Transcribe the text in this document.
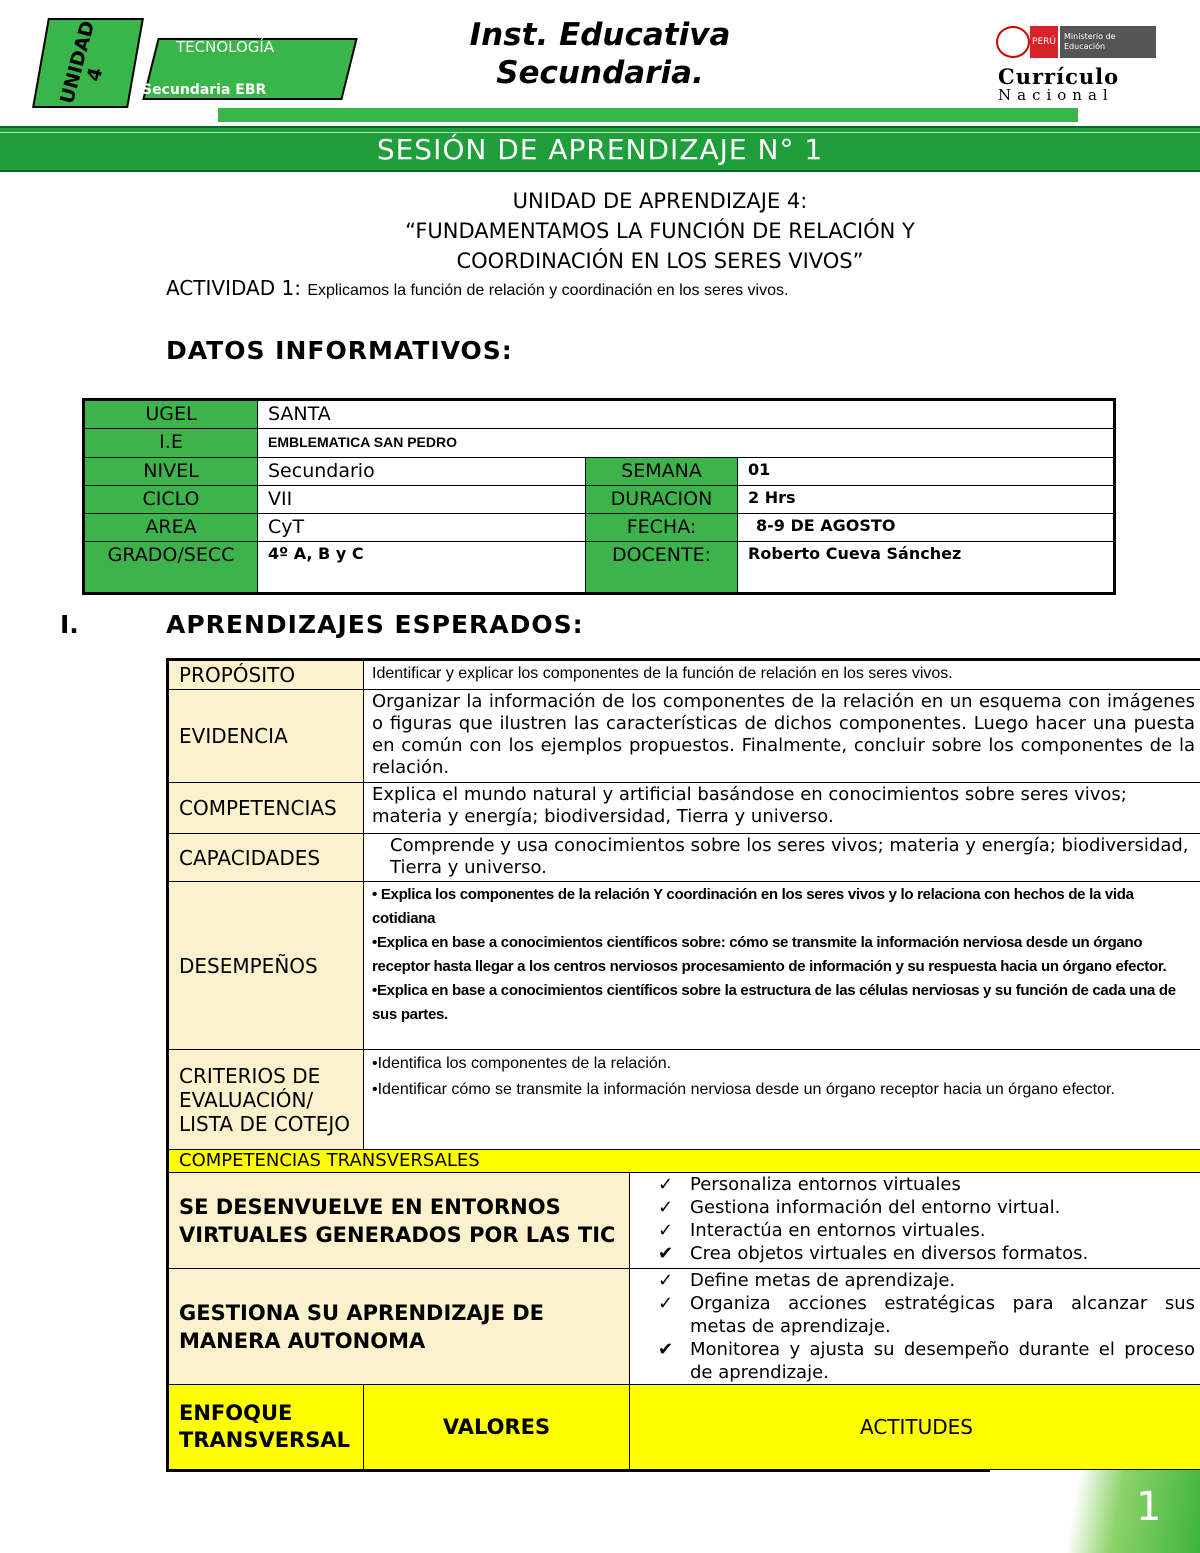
UNIDAD 4
ÁREA CIENCIA Y TECNOLOGÍA
Secundaria EBR
Inst. Educativa
Secundaria.
PERÚ
Ministerio de Educación
Currículo
Nacional
SESIÓN DE APRENDIZAJE N° 1
UNIDAD DE APRENDIZAJE 4:
“FUNDAMENTAMOS LA FUNCIÓN DE RELACIÓN Y
COORDINACIÓN EN LOS SERES VIVOS”
ACTIVIDAD 1: Explicamos la función de relación y coordinación en los seres vivos.
DATOS INFORMATIVOS:
UGEL	SANTA		
I.E	EMBLEMATICA SAN PEDRO		
NIVEL	Secundario	SEMANA	01
CICLO	VII	DURACION	2 Hrs
AREA	CyT	FECHA:	8-9 DE AGOSTO
GRADO/SECC	4º A, B y C	DOCENTE:	Roberto Cueva Sánchez
I.	APRENDIZAJES ESPERADOS:
PROPÓSITO	Identificar y explicar los componentes de la función de relación en los seres vivos.	
EVIDENCIA	Organizar la información de los componentes de la relación en un esquema con imágenes o figuras que ilustren las características de dichos componentes. Luego hacer una puesta en común con los ejemplos propuestos. Finalmente, concluir sobre los componentes de la relación.	
COMPETENCIAS	Explica el mundo natural y artificial basándose en conocimientos sobre seres vivos; materia y energía; biodiversidad, Tierra y universo.	
CAPACIDADES	Comprende y usa conocimientos sobre los seres vivos; materia y energía; biodiversidad, Tierra y universo.	
DESEMPEÑOS	• Explica los componentes de la relación Y coordinación en los seres vivos y lo relaciona con hechos de la vida cotidiana
•Explica en base a conocimientos científicos sobre: cómo se transmite la información nerviosa desde un órgano receptor hasta llegar a los centros nerviosos procesamiento de información y su respuesta hacia un órgano efector.
•Explica en base a conocimientos científicos sobre la estructura de las células nerviosas y su función de cada una de sus partes.	

CRITERIOS DE EVALUACIÓN/ LISTA DE COTEJO	•Identifica los componentes de la relación.
•Identificar cómo se transmite la información nerviosa desde un órgano receptor hacia un órgano efector.	

COMPETENCIAS TRANSVERSALES		
SE DESENVUELVE EN ENTORNOS VIRTUALES GENERADOS POR LAS TIC		✓ Personaliza entornos virtuales
✓ Gestiona información del entorno virtual.
✓ Interactúa en entornos virtuales.
✔ Crea objetos virtuales en diversos formatos.

GESTIONA SU APRENDIZAJE DE MANERA AUTONOMA		✓ Define metas de aprendizaje.
✓ Organiza acciones estratégicas para alcanzar sus metas de aprendizaje.
✔ Monitorea y ajusta su desempeño durante el proceso de aprendizaje.

ENFOQUE TRANSVERSAL	VALORES	ACTITUDES
1
